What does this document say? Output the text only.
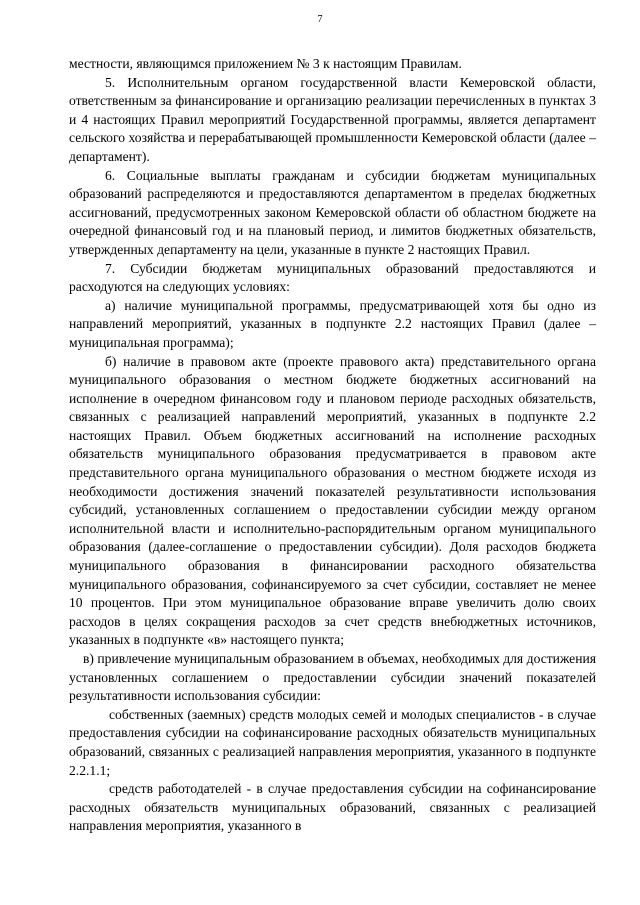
7

местности, являющимся приложением № 3 к настоящим Правилам.

5. Исполнительным органом государственной власти Кемеровской области, ответственным за финансирование и организацию реализации перечисленных в пунктах 3 и 4 настоящих Правил мероприятий Государственной программы, является департамент сельского хозяйства и перерабатывающей промышленности Кемеровской области (далее – департамент).

6. Социальные выплаты гражданам и субсидии бюджетам муниципальных образований распределяются и предоставляются департаментом в пределах бюджетных ассигнований, предусмотренных законом Кемеровской области об областном бюджете на очередной финансовый год и на плановый период, и лимитов бюджетных обязательств, утвержденных департаменту на цели, указанные в пункте 2 настоящих Правил.

7. Субсидии бюджетам муниципальных образований предоставляются и расходуются на следующих условиях:

а) наличие муниципальной программы, предусматривающей хотя бы одно из направлений мероприятий, указанных в подпункте 2.2 настоящих Правил (далее – муниципальная программа);

б) наличие в правовом акте (проекте правового акта) представительного органа муниципального образования о местном бюджете бюджетных ассигнований на исполнение в очередном финансовом году и плановом периоде расходных обязательств, связанных с реализацией направлений мероприятий, указанных в подпункте 2.2 настоящих Правил. Объем бюджетных ассигнований на исполнение расходных обязательств муниципального образования предусматривается в правовом акте представительного органа муниципального образования о местном бюджете исходя из необходимости достижения значений показателей результативности использования субсидий, установленных соглашением о предоставлении субсидии между органом исполнительной власти и исполнительно-распорядительным органом муниципального образования (далее-соглашение о предоставлении субсидии). Доля расходов бюджета муниципального образования в финансировании расходного обязательства муниципального образования, софинансируемого за счет субсидии, составляет не менее 10 процентов. При этом муниципальное образование вправе увеличить долю своих расходов в целях сокращения расходов за счет средств внебюджетных источников, указанных в подпункте «в» настоящего пункта;

в) привлечение муниципальным образованием в объемах, необходимых для достижения установленных соглашением о предоставлении субсидии значений показателей результативности использования субсидии:

собственных (заемных) средств молодых семей и молодых специалистов - в случае предоставления субсидии на софинансирование расходных обязательств муниципальных образований, связанных с реализацией направления мероприятия, указанного в подпункте 2.2.1.1;

средств работодателей - в случае предоставления субсидии на софинансирование расходных обязательств муниципальных образований, связанных с реализацией направления мероприятия, указанного в
